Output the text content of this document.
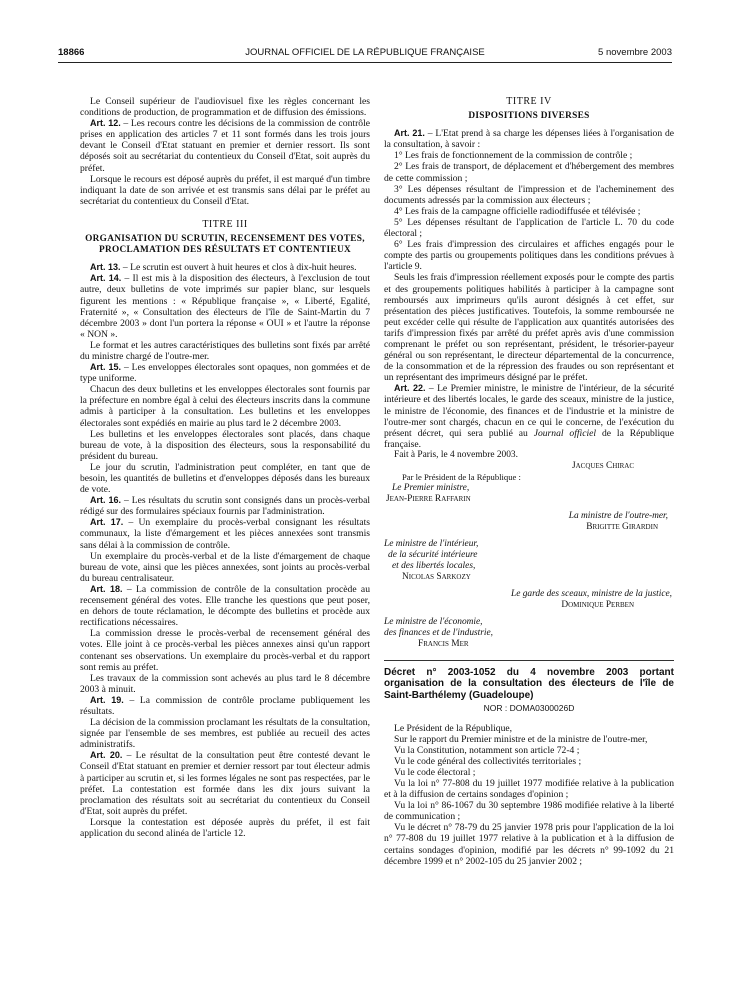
18866	JOURNAL OFFICIEL DE LA RÉPUBLIQUE FRANÇAISE	5 novembre 2003

Le Conseil supérieur de l'audiovisuel fixe les règles concernant les conditions de production, de programmation et de diffusion des émissions.

Art. 12. – Les recours contre les décisions de la commission de contrôle prises en application des articles 7 et 11 sont formés dans les trois jours devant le Conseil d'Etat statuant en premier et dernier ressort. Ils sont déposés soit au secrétariat du contentieux du Conseil d'Etat, soit auprès du préfet.

Lorsque le recours est déposé auprès du préfet, il est marqué d'un timbre indiquant la date de son arrivée et est transmis sans délai par le préfet au secrétariat du contentieux du Conseil d'Etat.

TITRE III

ORGANISATION DU SCRUTIN, RECENSEMENT DES VOTES, PROCLAMATION DES RÉSULTATS ET CONTENTIEUX

Art. 13. – Le scrutin est ouvert à huit heures et clos à dix-huit heures.

Art. 14. – Il est mis à la disposition des électeurs, à l'exclusion de tout autre, deux bulletins de vote imprimés sur papier blanc, sur lesquels figurent les mentions : « République française », « Liberté, Egalité, Fraternité », « Consultation des électeurs de l'île de Saint-Martin du 7 décembre 2003 » dont l'un portera la réponse « OUI » et l'autre la réponse « NON ».

Le format et les autres caractéristiques des bulletins sont fixés par arrêté du ministre chargé de l'outre-mer.

Art. 15. – Les enveloppes électorales sont opaques, non gommées et de type uniforme.

Chacun des deux bulletins et les enveloppes électorales sont fournis par la préfecture en nombre égal à celui des électeurs inscrits dans la commune admis à participer à la consultation. Les bulletins et les enveloppes électorales sont expédiés en mairie au plus tard le 2 décembre 2003.

Les bulletins et les enveloppes électorales sont placés, dans chaque bureau de vote, à la disposition des électeurs, sous la responsabilité du président du bureau.

Le jour du scrutin, l'administration peut compléter, en tant que de besoin, les quantités de bulletins et d'enveloppes déposés dans les bureaux de vote.

Art. 16. – Les résultats du scrutin sont consignés dans un procès-verbal rédigé sur des formulaires spéciaux fournis par l'administration.

Art. 17. – Un exemplaire du procès-verbal consignant les résultats communaux, la liste d'émargement et les pièces annexées sont transmis sans délai à la commission de contrôle.

Un exemplaire du procès-verbal et de la liste d'émargement de chaque bureau de vote, ainsi que les pièces annexées, sont joints au procès-verbal du bureau centralisateur.

Art. 18. – La commission de contrôle de la consultation procède au recensement général des votes. Elle tranche les questions que peut poser, en dehors de toute réclamation, le décompte des bulletins et procède aux rectifications nécessaires.

La commission dresse le procès-verbal de recensement général des votes. Elle joint à ce procès-verbal les pièces annexes ainsi qu'un rapport contenant ses observations. Un exemplaire du procès-verbal et du rapport sont remis au préfet.

Les travaux de la commission sont achevés au plus tard le 8 décembre 2003 à minuit.

Art. 19. – La commission de contrôle proclame publiquement les résultats.

La décision de la commission proclamant les résultats de la consultation, signée par l'ensemble de ses membres, est publiée au recueil des actes administratifs.

Art. 20. – Le résultat de la consultation peut être contesté devant le Conseil d'Etat statuant en premier et dernier ressort par tout électeur admis à participer au scrutin et, si les formes légales ne sont pas respectées, par le préfet. La contestation est formée dans les dix jours suivant la proclamation des résultats soit au secrétariat du contentieux du Conseil d'Etat, soit auprès du préfet.

Lorsque la contestation est déposée auprès du préfet, il est fait application du second alinéa de l'article 12.

TITRE IV

DISPOSITIONS DIVERSES

Art. 21. – L'Etat prend à sa charge les dépenses liées à l'organisation de la consultation, à savoir :

1° Les frais de fonctionnement de la commission de contrôle ;

2° Les frais de transport, de déplacement et d'hébergement des membres de cette commission ;

3° Les dépenses résultant de l'impression et de l'acheminement des documents adressés par la commission aux électeurs ;

4° Les frais de la campagne officielle radiodiffusée et télévisée ;

5° Les dépenses résultant de l'application de l'article L. 70 du code électoral ;

6° Les frais d'impression des circulaires et affiches engagés pour le compte des partis ou groupements politiques dans les conditions prévues à l'article 9.

Seuls les frais d'impression réellement exposés pour le compte des partis et des groupements politiques habilités à participer à la campagne sont remboursés aux imprimeurs qu'ils auront désignés à cet effet, sur présentation des pièces justificatives. Toutefois, la somme remboursée ne peut excéder celle qui résulte de l'application aux quantités autorisées des tarifs d'impression fixés par arrêté du préfet après avis d'une commission comprenant le préfet ou son représentant, président, le trésorier-payeur général ou son représentant, le directeur départemental de la concurrence, de la consommation et de la répression des fraudes ou son représentant et un représentant des imprimeurs désigné par le préfet.

Art. 22. – Le Premier ministre, le ministre de l'intérieur, de la sécurité intérieure et des libertés locales, le garde des sceaux, ministre de la justice, le ministre de l'économie, des finances et de l'industrie et la ministre de l'outre-mer sont chargés, chacun en ce qui le concerne, de l'exécution du présent décret, qui sera publié au Journal officiel de la République française.

Fait à Paris, le 4 novembre 2003.

Jacques Chirac

Par le Président de la République :

Le Premier ministre,

Jean-Pierre Raffarin

La ministre de l'outre-mer,

Brigitte Girardin

Le ministre de l'intérieur,

de la sécurité intérieure

et des libertés locales,

Nicolas Sarkozy

Le garde des sceaux, ministre de la justice,

Dominique Perben

Le ministre de l'économie,

des finances et de l'industrie,

Francis Mer

Décret n° 2003-1052 du 4 novembre 2003 portant organisation de la consultation des électeurs de l'île de Saint-Barthélemy (Guadeloupe)

NOR : DOMA0300026D

Le Président de la République,

Sur le rapport du Premier ministre et de la ministre de l'outre-mer,

Vu la Constitution, notamment son article 72-4 ;

Vu le code général des collectivités territoriales ;

Vu le code électoral ;

Vu la loi n° 77-808 du 19 juillet 1977 modifiée relative à la publication et à la diffusion de certains sondages d'opinion ;

Vu la loi n° 86-1067 du 30 septembre 1986 modifiée relative à la liberté de communication ;

Vu le décret n° 78-79 du 25 janvier 1978 pris pour l'application de la loi n° 77-808 du 19 juillet 1977 relative à la publication et à la diffusion de certains sondages d'opinion, modifié par les décrets n° 99-1092 du 21 décembre 1999 et n° 2002-105 du 25 janvier 2002 ;
